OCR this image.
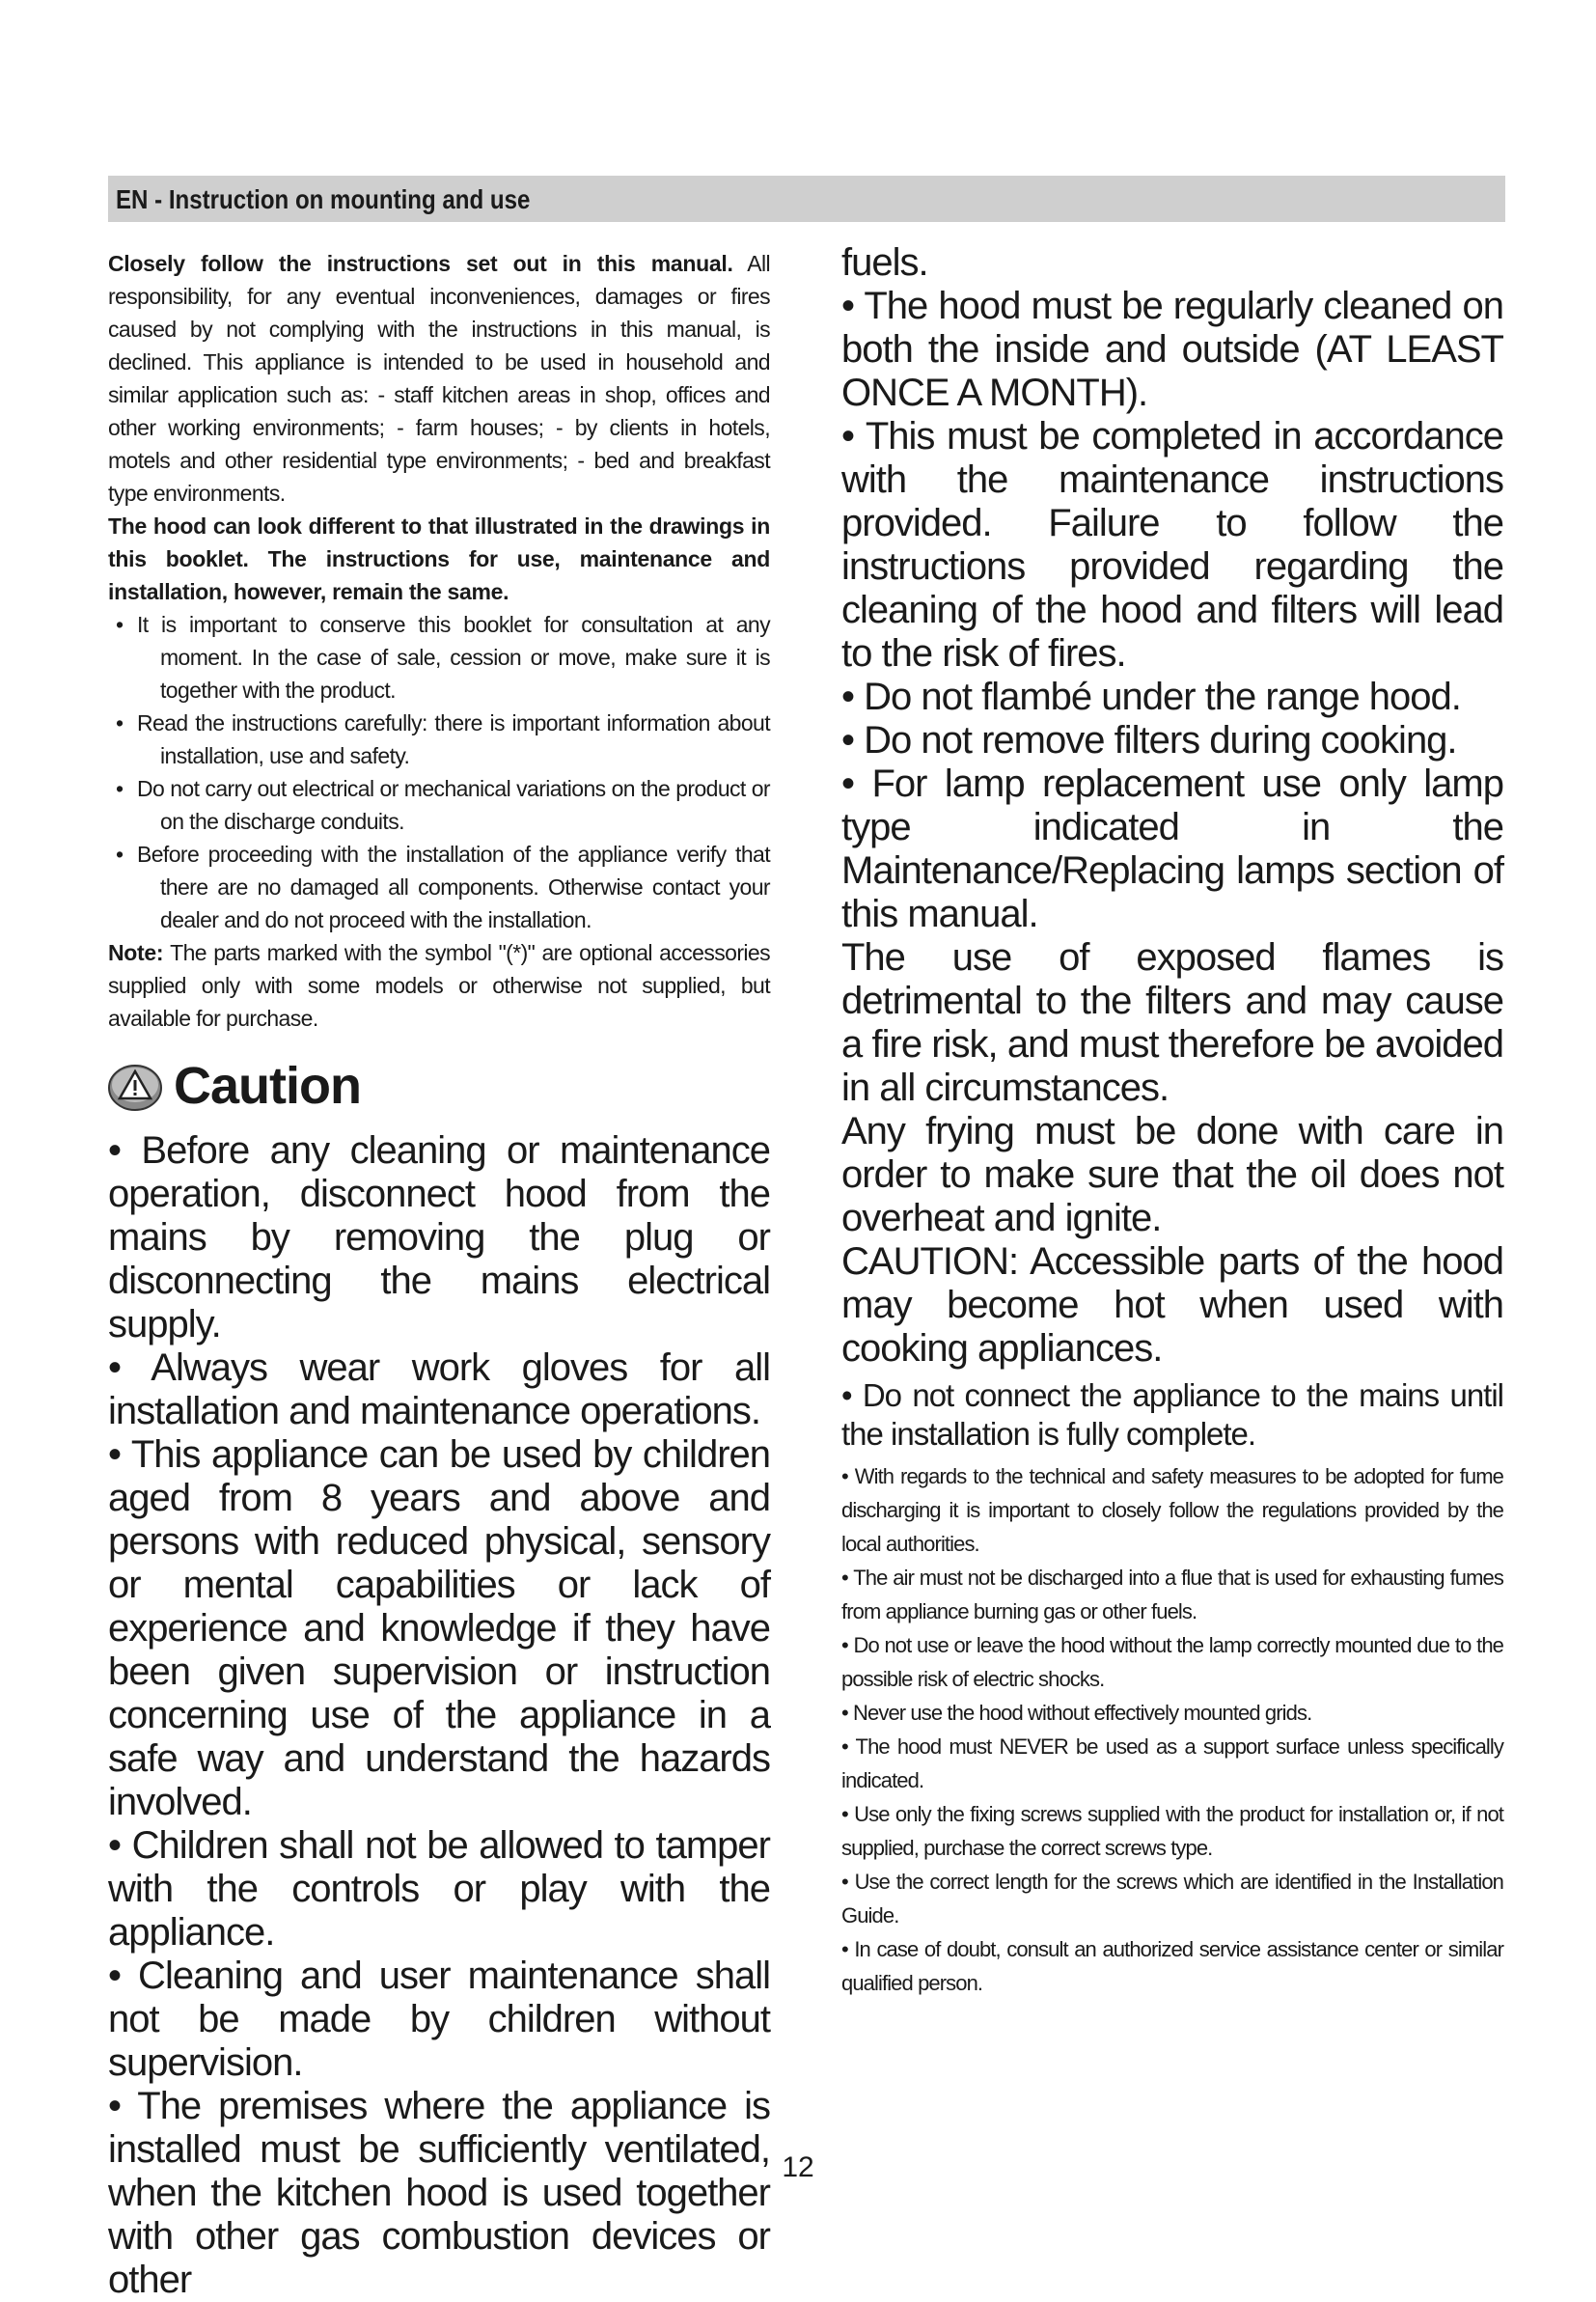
EN - Instruction on mounting and use

Closely follow the instructions set out in this manual. All responsibility, for any eventual inconveniences, damages or fires caused by not complying with the instructions in this manual, is declined. This appliance is intended to be used in household and similar application such as: - staff kitchen areas in shop, offices and other working environments; - farm houses; - by clients in hotels, motels and other residential type environments; - bed and breakfast type environments.

The hood can look different to that illustrated in the drawings in this booklet. The instructions for use, maintenance and installation, however, remain the same.

• It is important to conserve this booklet for consultation at any moment. In the case of sale, cession or move, make sure it is together with the product.
• Read the instructions carefully: there is important information about installation, use and safety.
• Do not carry out electrical or mechanical variations on the product or on the discharge conduits.
• Before proceeding with the installation of the appliance verify that there are no damaged all components. Otherwise contact your dealer and do not proceed with the installation.

Note: The parts marked with the symbol "(*)" are optional accessories supplied only with some models or otherwise not supplied, but available for purchase.

Caution

• Before any cleaning or maintenance operation, disconnect hood from the mains by removing the plug or disconnecting the mains electrical supply.

• Always wear work gloves for all installation and maintenance operations.

• This appliance can be used by children aged from 8 years and above and persons with reduced physical, sensory or mental capabilities or lack of experience and knowledge if they have been given supervision or instruction concerning use of the appliance in a safe way and understand the hazards involved.

• Children shall not be allowed to tamper with the controls or play with the appliance.

• Cleaning and user maintenance shall not be made by children without supervision.

• The premises where the appliance is installed must be sufficiently ventilated, when the kitchen hood is used together with other gas combustion devices or other

fuels.

• The hood must be regularly cleaned on both the inside and outside (AT LEAST ONCE A MONTH).

• This must be completed in accordance with the maintenance instructions provided. Failure to follow the instructions provided regarding the cleaning of the hood and filters will lead to the risk of fires.

• Do not flambé under the range hood.

• Do not remove filters during cooking.

• For lamp replacement use only lamp type indicated in the Maintenance/Replacing lamps section of this manual.

The use of exposed flames is detrimental to the filters and may cause a fire risk, and must therefore be avoided in all circumstances.

Any frying must be done with care in order to make sure that the oil does not overheat and ignite.

CAUTION: Accessible parts of the hood may become hot when used with cooking appliances.

• Do not connect the appliance to the mains until the installation is fully complete.

• With regards to the technical and safety measures to be adopted for fume discharging it is important to closely follow the regulations provided by the local authorities.

• The air must not be discharged into a flue that is used for exhausting fumes from appliance burning gas or other fuels.

• Do not use or leave the hood without the lamp correctly mounted due to the possible risk of electric shocks.

• Never use the hood without effectively mounted grids.

• The hood must NEVER be used as a support surface unless specifically indicated.

• Use only the fixing screws supplied with the product for installation or, if not supplied, purchase the correct screws type.

• Use the correct length for the screws which are identified in the Installation Guide.

• In case of doubt, consult an authorized service assistance center or similar qualified person.

12
